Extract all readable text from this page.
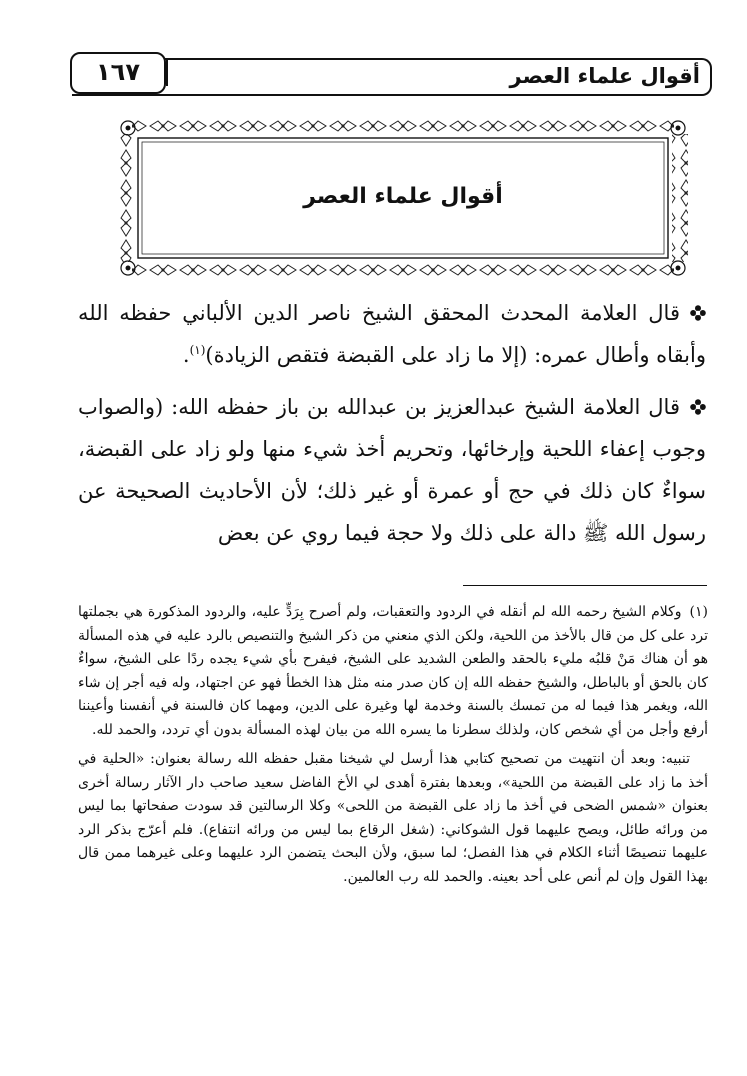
أقوال علماء العصر
١٦٧
أقوال علماء العصر
قال العلامة المحدث المحقق الشيخ ناصر الدين الألباني حفظه الله وأبقاه وأطال عمره: (إلا ما زاد على القبضة فتقص الزيادة)$^{(١)}$.
قال العلامة الشيخ عبدالعزيز بن عبدالله بن باز حفظه الله: (والصواب وجوب إعفاء اللحية وإرخائها، وتحريم أخذ شيء منها ولو زاد على القبضة، سواءٌ كان ذلك في حج أو عمرة أو غير ذلك؛ لأن الأحاديث الصحيحة عن رسول الله ﷺ دالة على ذلك ولا حجة فيما روي عن بعض
(١)وكلام الشيخ رحمه الله لم أنقله في الردود والتعقبات، ولم أصرح بِرَدٍّ عليه، والردود المذكورة هي بجملتها ترد على كل من قال بالأخذ من اللحية، ولكن الذي منعني من ذكر الشيخ والتنصيص بالرد عليه في هذه المسألة هو أن هناك مَنْ قلبُه مليء بالحقد والطعن الشديد على الشيخ، فيفرح بأي شيء يجده ردًا على الشيخ، سواءٌ كان بالحق أو بالباطل، والشيخ حفظه الله إن كان صدر منه مثل هذا الخطأ فهو عن اجتهاد، وله فيه أجر إن شاء الله، ويغمر هذا فيما له من تمسك بالسنة وخدمة لها وغيرة على الدين، ومهما كان فالسنة في أنفسنا وأعيننا أرفع وأجل من أي شخص كان، ولذلك سطرنا ما يسره الله من بيان لهذه المسألة بدون أي تردد، والحمد لله.
تنبيه: وبعد أن انتهيت من تصحيح كتابي هذا أرسل لي شيخنا مقبل حفظه الله رسالة بعنوان: «الحلية في أخذ ما زاد على القبضة من اللحية»، وبعدها بفترة أهدى لي الأخ الفاضل سعيد صاحب دار الآثار رسالة أخرى بعنوان «شمس الضحى في أخذ ما زاد على القبضة من اللحى» وكلا الرسالتين قد سودت صفحاتها بما ليس من ورائه طائل، ويصح عليهما قول الشوكاني: (شغل الرقاع بما ليس من ورائه انتفاع). فلم أعرّج بذكر الرد عليهما تنصيصًا أثناء الكلام في هذا الفصل؛ لما سبق، ولأن البحث يتضمن الرد عليهما وعلى غيرهما ممن قال بهذا القول وإن لم أنص على أحد بعينه. والحمد لله رب العالمين.
